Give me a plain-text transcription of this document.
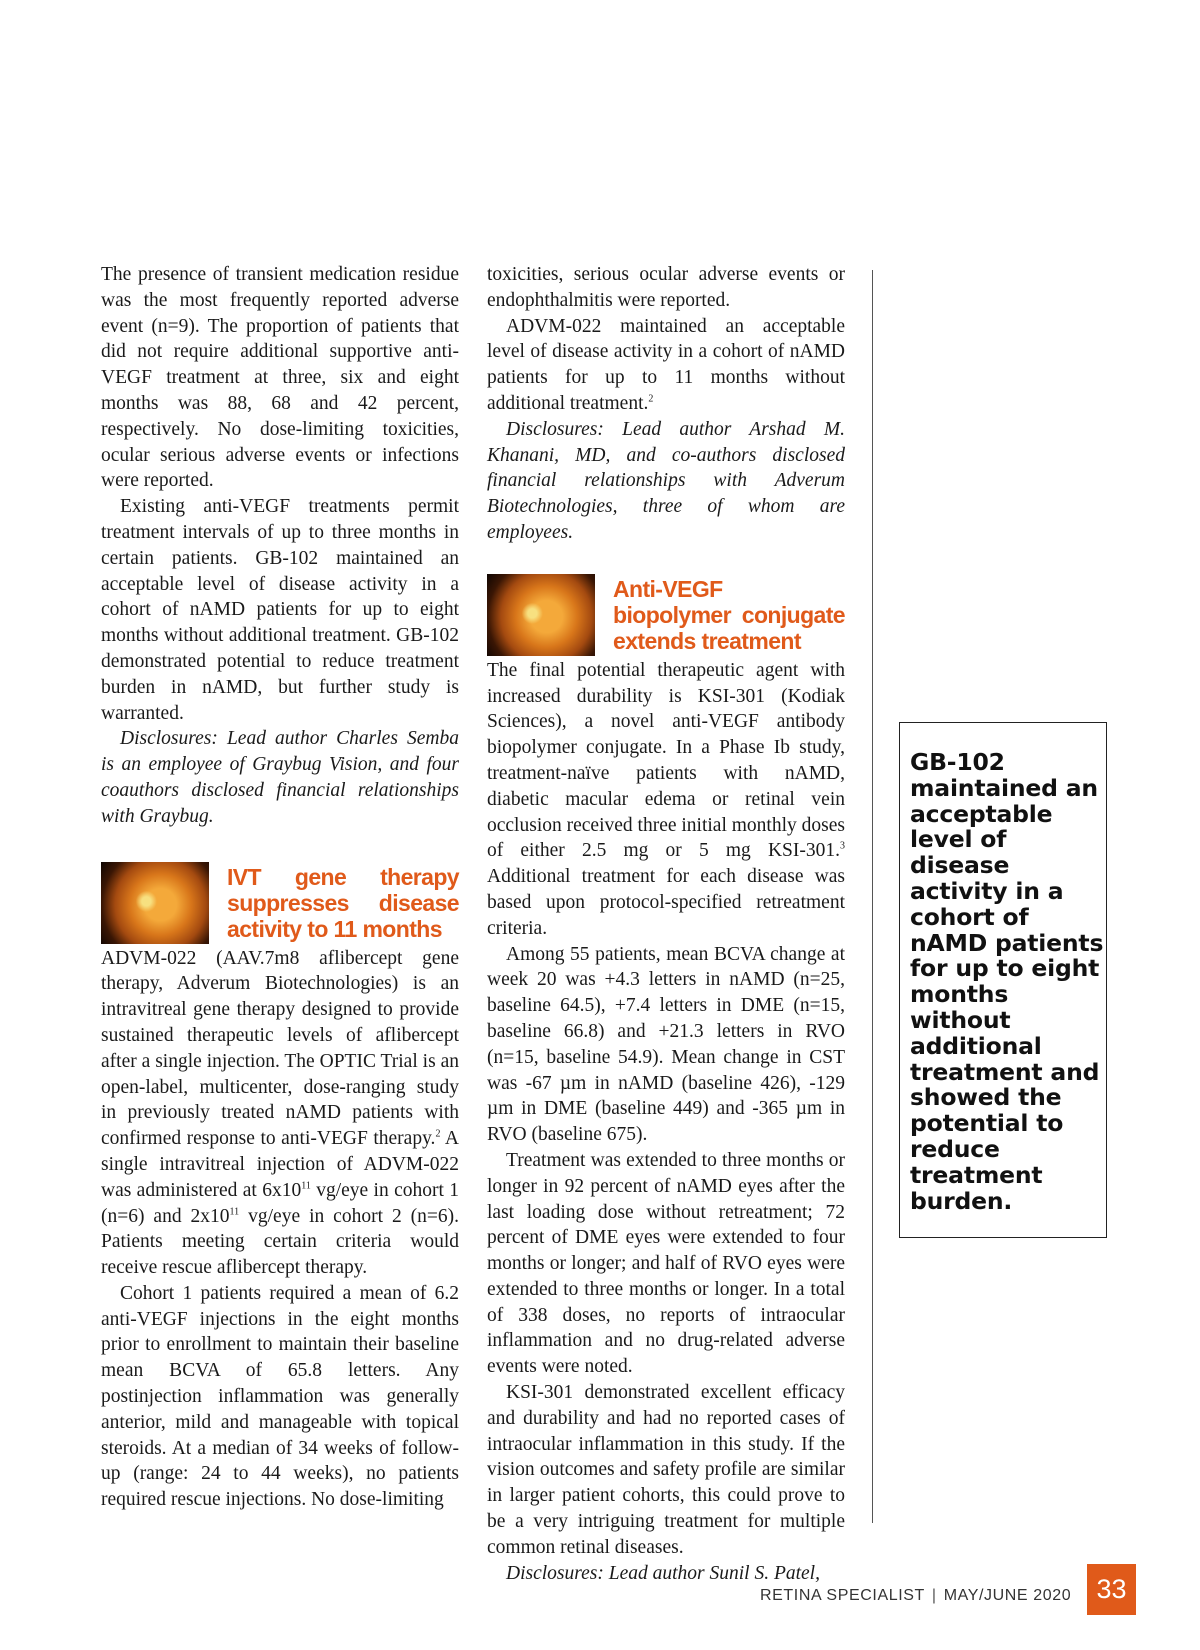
The presence of transient medication residue was the most frequently reported adverse event (n=9). The proportion of patients that did not require additional supportive anti-VEGF treatment at three, six and eight months was 88, 68 and 42 percent, respectively. No dose-limiting toxicities, ocular serious adverse events or infections were reported.

Existing anti-VEGF treatments permit treatment intervals of up to three months in certain patients. GB-102 maintained an acceptable level of disease activity in a cohort of nAMD patients for up to eight months without additional treatment. GB-102 demonstrated potential to reduce treatment burden in nAMD, but further study is warranted.

Disclosures: Lead author Charles Semba is an employee of Graybug Vision, and four coauthors disclosed financial relationships with Graybug.

IVT gene therapy suppresses disease activity to 11 months

ADVM-022 (AAV.7m8 aflibercept gene therapy, Adverum Biotechnologies) is an intravitreal gene therapy designed to provide sustained therapeutic levels of aflibercept after a single injection. The OPTIC Trial is an open-label, multicenter, dose-ranging study in previously treated nAMD patients with confirmed response to anti-VEGF therapy.$^2$ A single intravitreal injection of ADVM-022 was administered at $6x10^{11}$ vg/eye in cohort 1 (n=6) and $2x10^{11}$ vg/eye in cohort 2 (n=6). Patients meeting certain criteria would receive rescue aflibercept therapy.

Cohort 1 patients required a mean of 6.2 anti-VEGF injections in the eight months prior to enrollment to maintain their baseline mean BCVA of 65.8 letters. Any postinjection inflammation was generally anterior, mild and manageable with topical steroids. At a median of 34 weeks of follow-up (range: 24 to 44 weeks), no patients required rescue injections. No dose-limiting

toxicities, serious ocular adverse events or endophthalmitis were reported.

ADVM-022 maintained an acceptable level of disease activity in a cohort of nAMD patients for up to 11 months without additional treatment.$^2$

Disclosures: Lead author Arshad M. Khanani, MD, and co-authors disclosed financial relationships with Adverum Biotechnologies, three of whom are employees.

Anti-VEGF biopolymer conjugate extends treatment

The final potential therapeutic agent with increased durability is KSI-301 (Kodiak Sciences), a novel anti-VEGF antibody biopolymer conjugate. In a Phase Ib study, treatment-naïve patients with nAMD, diabetic macular edema or retinal vein occlusion received three initial monthly doses of either 2.5 mg or 5 mg KSI-301.$^3$ Additional treatment for each disease was based upon protocol-specified retreatment criteria.

Among 55 patients, mean BCVA change at week 20 was +4.3 letters in nAMD (n=25, baseline 64.5), +7.4 letters in DME (n=15, baseline 66.8) and +21.3 letters in RVO (n=15, baseline 54.9). Mean change in CST was -67 µm in nAMD (baseline 426), -129 µm in DME (baseline 449) and -365 µm in RVO (baseline 675).

Treatment was extended to three months or longer in 92 percent of nAMD eyes after the last loading dose without retreatment; 72 percent of DME eyes were extended to four months or longer; and half of RVO eyes were extended to three months or longer. In a total of 338 doses, no reports of intraocular inflammation and no drug-related adverse events were noted.

KSI-301 demonstrated excellent efficacy and durability and had no reported cases of intraocular inflammation in this study. If the vision outcomes and safety profile are similar in larger patient cohorts, this could prove to be a very intriguing treatment for multiple common retinal diseases.

Disclosures: Lead author Sunil S. Patel,

GB-102 maintained an acceptable level of disease activity in a cohort of nAMD patients for up to eight months without additional treatment and showed the potential to reduce treatment burden.
RETINA SPECIALIST | MAY/JUNE 2020 33
